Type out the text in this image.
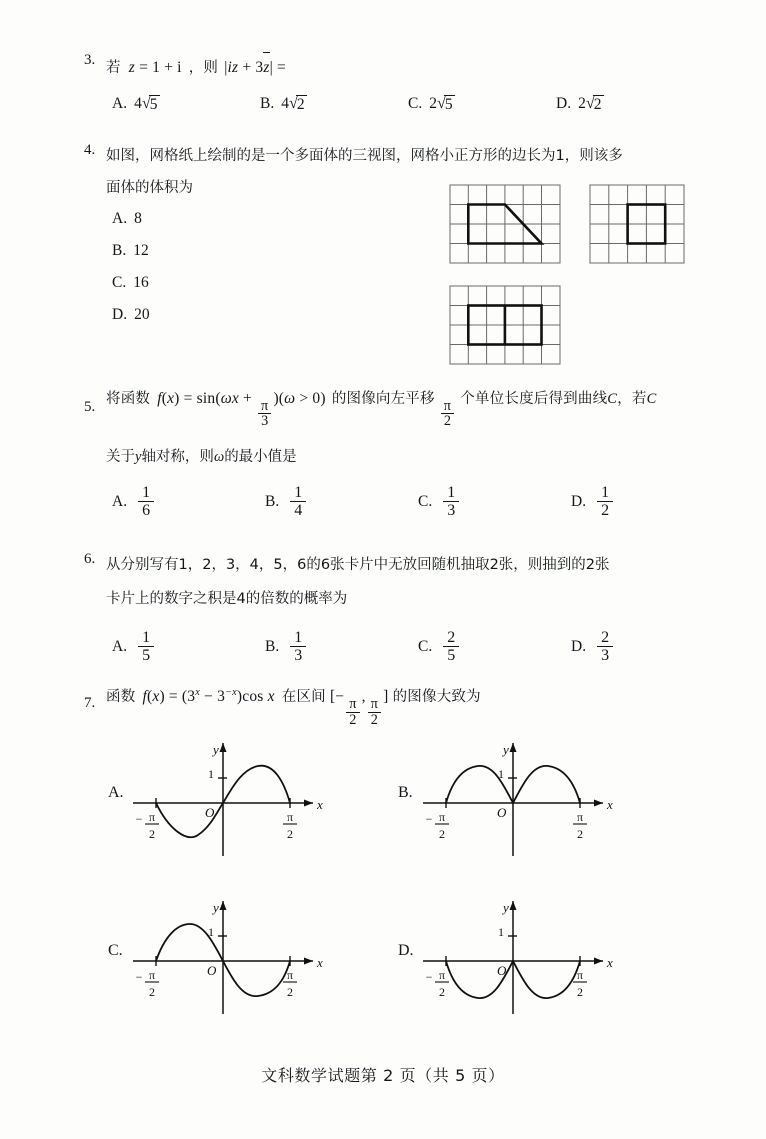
3. 若 z = 1 + i ，则 |iz + 3z| =
A. 4 √ 5	B. 4 √ 2	C. 2 √ 5	D. 2 √ 2
4. 如图，网格纸上绘制的是一个多面体的三视图，网格小正方形的边长为1，则该多
面体的体积为
A. 8
B. 12
C. 16
D. 20
5. 将函数 f(x) = sin(ωx +
$\frac{\pi}{3}$
)(ω > 0) 的图像向左平移 $\frac{\pi}{2}$ 个单位长度后得到曲线C，若C
关于y轴对称，则ω的最小值是
A. $\frac{1}{6}$	B. $\frac{1}{4}$	C. $\frac{1}{3}$	D. $\frac{1}{2}$
6. 从分别写有1，2，3，4，5，6的6张卡片中无放回随机抽取2张，则抽到的2张
卡片上的数字之积是4的倍数的概率为
A. $\frac{1}{5}$	B. $\frac{1}{3}$	C. $\frac{2}{5}$	D. $\frac{2}{3}$
7. 函数 $f(x) = (3^x - 3^{-x})\cos$ x 在区间 [−
$\frac{\pi}{2}$
,
$\frac{\pi}{2}$
] 的图像大致为
A.
y
x
1
O
− π
2
π
2
B.
y
x
1
O
− π
2
π
2
C.
y
x
1
O
− π
2
π
2
D.
y
x
1
O
− π
2
π
2
文科数学试题第 2 页（共 5 页）
